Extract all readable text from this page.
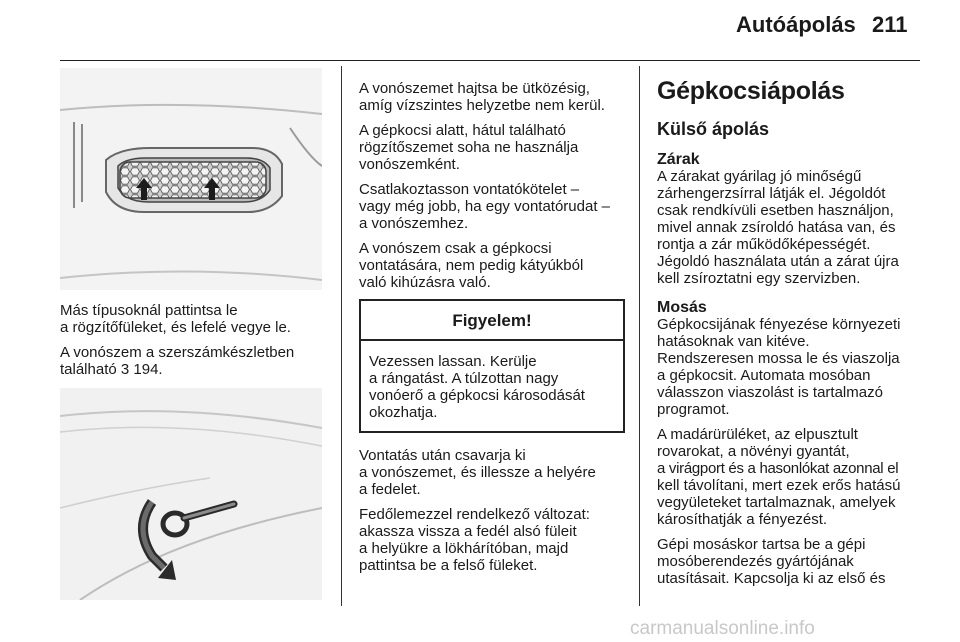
Autóápolás 211

Más típusoknál pattintsa le
a rögzítőfüleket, és lefelé vegye le.

A vonószem a szerszámkészletben
található 3 194.

A vonószemet hajtsa be ütközésig,
amíg vízszintes helyzetbe nem kerül.

A gépkocsi alatt, hátul található
rögzítőszemet soha ne használja
vonószemként.

Csatlakoztasson vontatókötelet –
vagy még jobb, ha egy vontatórudat –
a vonószemhez.

A vonószem csak a gépkocsi
vontatására, nem pedig kátyúkból
való kihúzásra való.

Figyelem!
Vezessen lassan. Kerülje
a rángatást. A túlzottan nagy
vonóerő a gépkocsi károsodását
okozhatja.

Vontatás után csavarja ki
a vonószemet, és illessze a helyére
a fedelet.

Fedőlemezzel rendelkező változat:
akassza vissza a fedél alsó füleit
a helyükre a lökhárítóban, majd
pattintsa be a felső füleket.

Gépkocsiápolás
Külső ápolás
Zárak

A zárakat gyárilag jó minőségű
zárhengerzsírral látják el. Jégoldót
csak rendkívüli esetben használjon,
mivel annak zsíroldó hatása van, és
rontja a zár működőképességét.
Jégoldó használata után a zárat újra
kell zsíroztatni egy szervizben.

Mosás

Gépkocsijának fényezése környezeti
hatásoknak van kitéve.
Rendszeresen mossa le és viaszolja
a gépkocsit. Automata mosóban
válasszon viaszolást is tartalmazó
programot.

A madárürüléket, az elpusztult
rovarokat, a növényi gyantát,
a virágport és a hasonlókat azonnal el
kell távolítani, mert ezek erős hatású
vegyületeket tartalmaznak, amelyek
károsíthatják a fényezést.

Gépi mosáskor tartsa be a gépi
mosóberendezés gyártójának
utasításait. Kapcsolja ki az első és

carmanualsonline.info
